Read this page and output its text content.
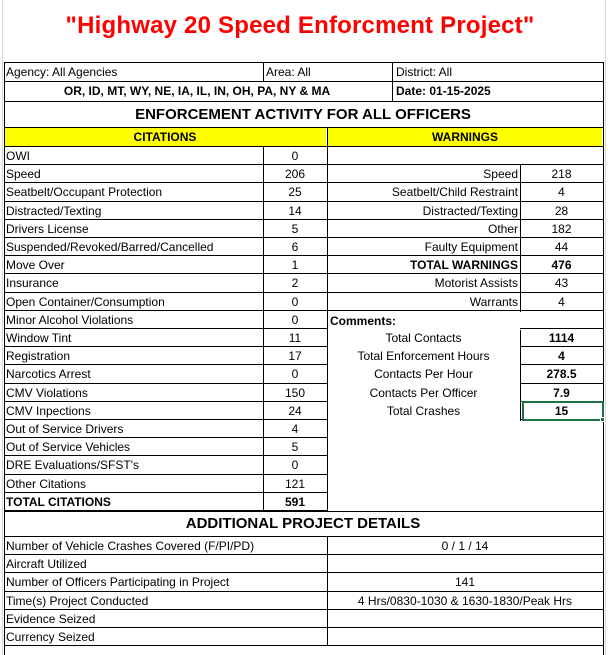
"Highway 20 Speed Enforcment Project"
Agency: All Agencies	Area: All	District: All
OR, ID, MT, WY, NE, IA, IL, IN, OH, PA, NY & MA	Date: 01-15-2025
ENFORCEMENT ACTIVITY FOR ALL OFFICERS
CITATIONS	WARNINGS
OWI	0
Speed	206
Seatbelt/Occupant Protection	25
Distracted/Texting	14
Drivers License	5
Suspended/Revoked/Barred/Cancelled	6
Move Over	1
Insurance	2
Open Container/Consumption	0
Minor Alcohol Violations	0
Window Tint	11
Registration	17
Narcotics Arrest	0
CMV Violations	150
CMV Inpections	24
Out of Service Drivers	4
Out of Service Vehicles	5
DRE Evaluations/SFST's	0
Other Citations	121
TOTAL CITATIONS	591
Speed	218
Seatbelt/Child Restraint	4
Distracted/Texting	28
Other	182
Faulty Equipment	44
TOTAL WARNINGS	476
Motorist Assists	43
Warrants	4
Comments:
Total Contacts	1114
Total Enforcement Hours	4
Contacts Per Hour	278.5
Contacts Per Officer	7.9
Total Crashes	15
ADDITIONAL PROJECT DETAILS
Number of Vehicle Crashes Covered (F/PI/PD)	0 / 1 / 14
Aircraft Utilized
Number of Officers Participating in Project	141
Time(s) Project Conducted	4 Hrs/0830-1030 & 1630-1830/Peak Hrs
Evidence Seized
Currency Seized
